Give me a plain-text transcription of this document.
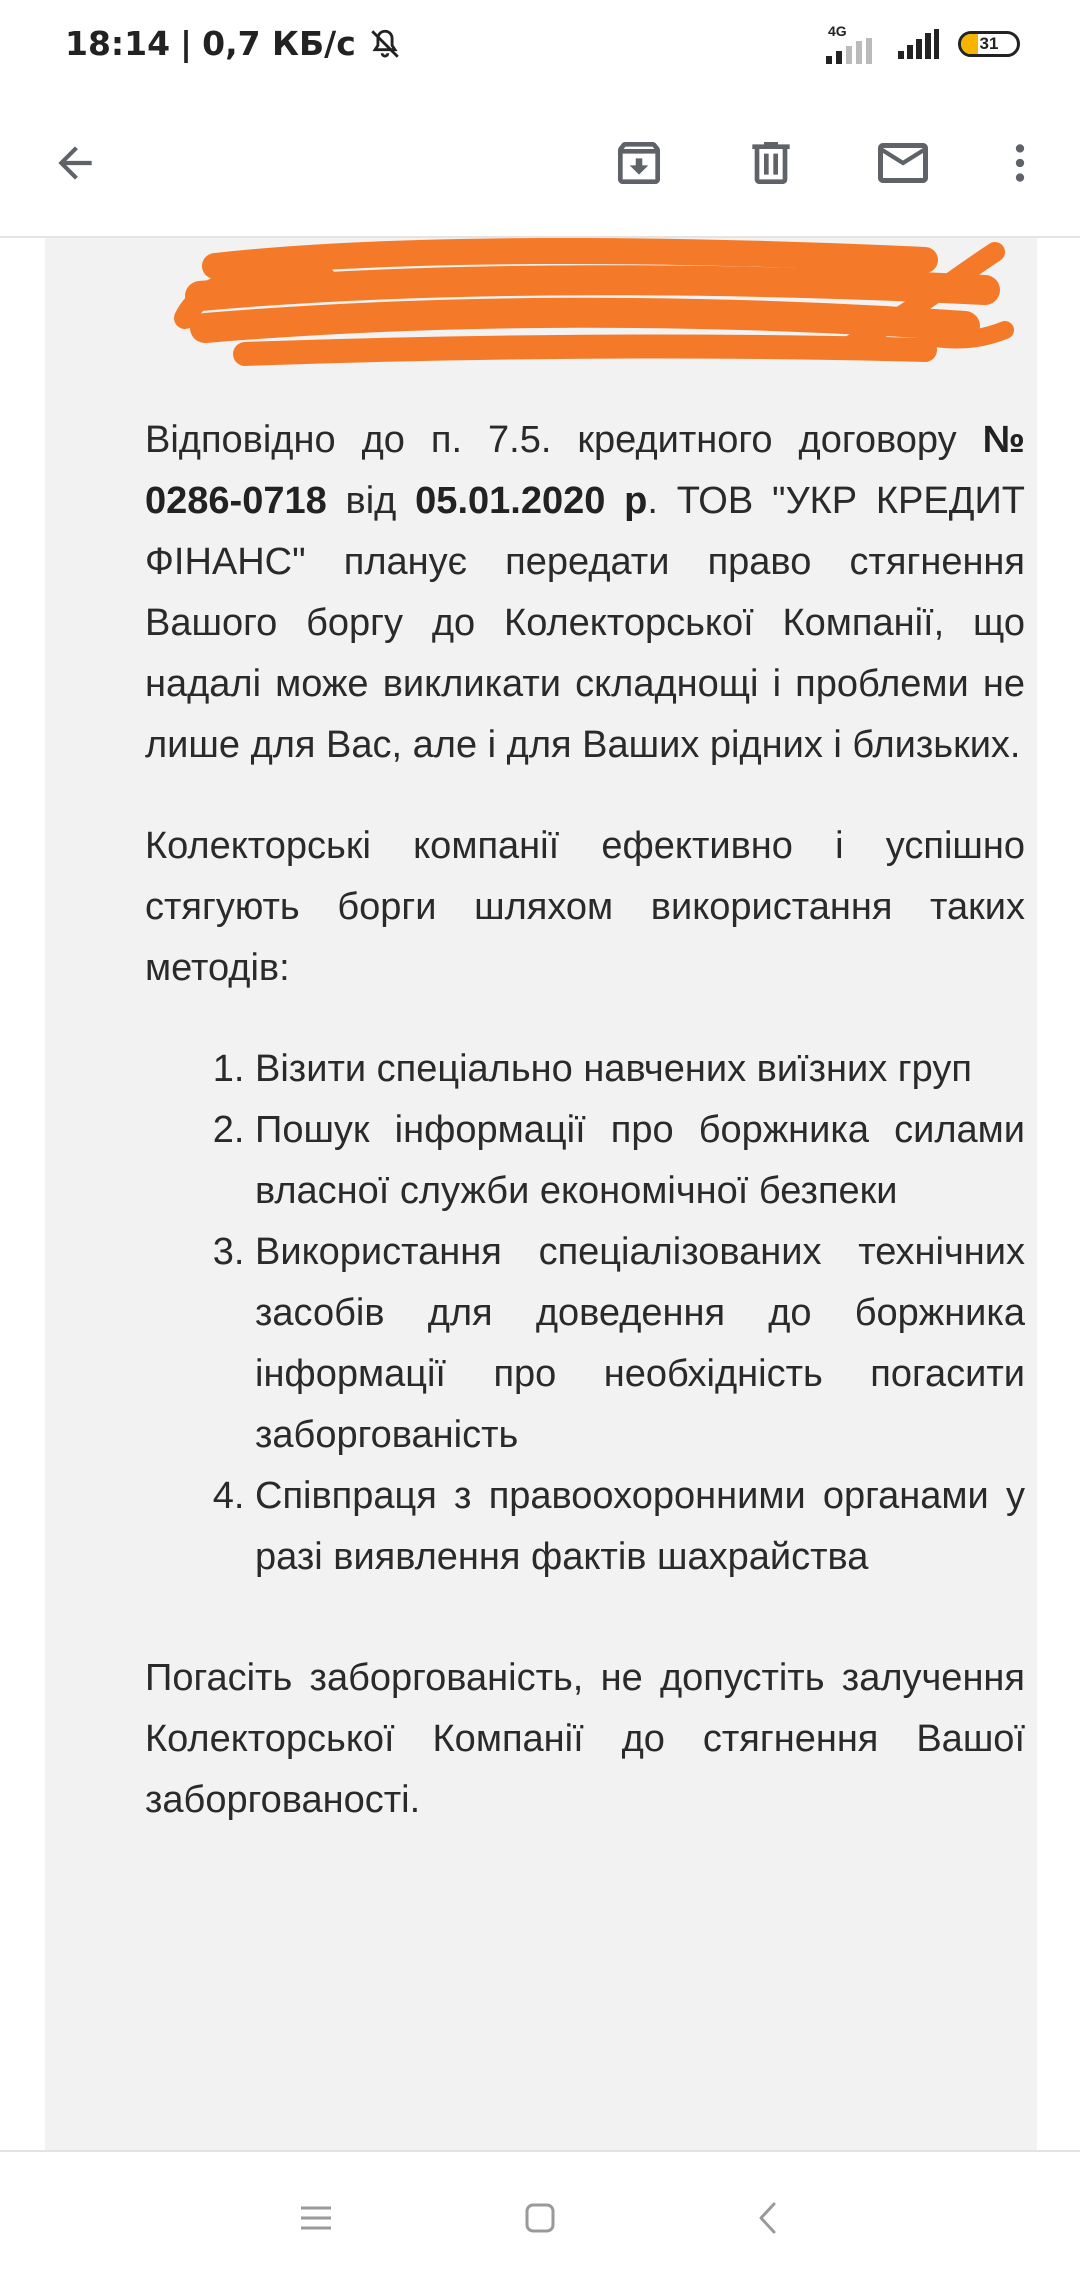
18:14 | 0,7 КБ/с	4G
31

Відповідно до п. 7.5. кредитного договору № 0286-0718 від 05.01.2020 р. ТОВ "УКР КРЕДИТ ФІНАНС" планує передати право стягнення Вашого боргу до Колекторської Компанії, що надалі може викликати складнощі і проблеми не лише для Вас, але і для Ваших рідних і близьких.

Колекторські компанії ефективно і успішно стягують борги шляхом використання таких методів:

1. Візити спеціально навчених виїзних груп
2. Пошук інформації про боржника силами власної служби економічної безпеки
3. Використання спеціалізованих технічних засобів для доведення до боржника інформації про необхідність погасити заборгованість
4. Співпраця з правоохоронними органами у разі виявлення фактів шахрайства

Погасіть заборгованість, не допустіть залучення Колекторської Компанії до стягнення Вашої заборгованості.
